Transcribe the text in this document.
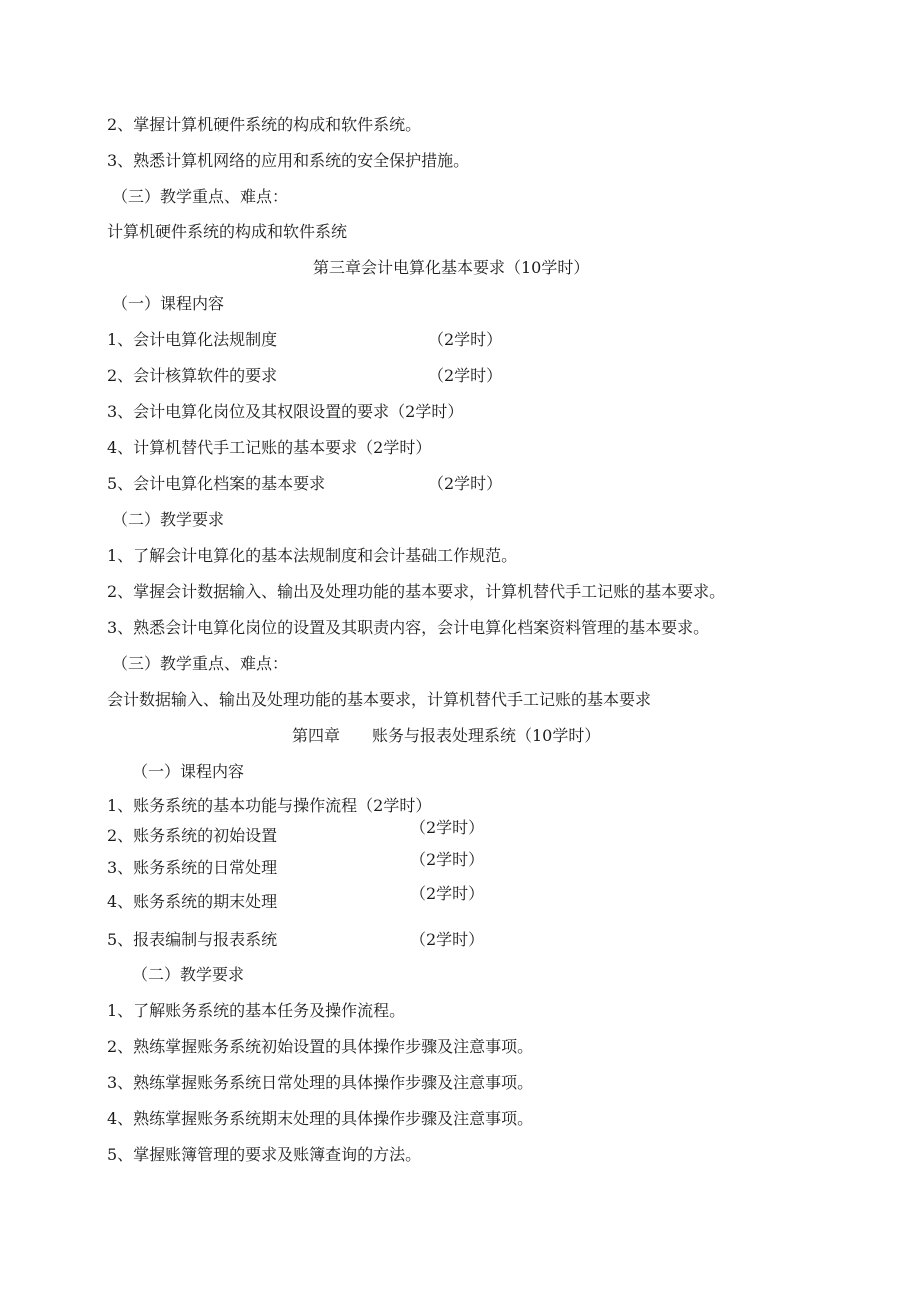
2、掌握计算机硬件系统的构成和软件系统。
3、熟悉计算机网络的应用和系统的安全保护措施。
（三）教学重点、难点：
计算机硬件系统的构成和软件系统
第三章会计电算化基本要求（10学时）
（一）课程内容
1、会计电算化法规制度	（2学时）
2、会计核算软件的要求	（2学时）
3、会计电算化岗位及其权限设置的要求（2学时）
4、计算机替代手工记账的基本要求（2学时）
5、会计电算化档案的基本要求	（2学时）
（二）教学要求
1、了解会计电算化的基本法规制度和会计基础工作规范。
2、掌握会计数据输入、输出及处理功能的基本要求，计算机替代手工记账的基本要求。
3、熟悉会计电算化岗位的设置及其职责内容，会计电算化档案资料管理的基本要求。
（三）教学重点、难点：
会计数据输入、输出及处理功能的基本要求，计算机替代手工记账的基本要求
第四章　　账务与报表处理系统（10学时）
（一）课程内容
1、账务系统的基本功能与操作流程（2学时）
2、账务系统的初始设置	（2学时）
3、账务系统的日常处理	（2学时）
4、账务系统的期末处理	（2学时）
5、报表编制与报表系统	（2学时）
（二）教学要求
1、了解账务系统的基本任务及操作流程。
2、熟练掌握账务系统初始设置的具体操作步骤及注意事项。
3、熟练掌握账务系统日常处理的具体操作步骤及注意事项。
4、熟练掌握账务系统期末处理的具体操作步骤及注意事项。
5、掌握账簿管理的要求及账簿查询的方法。
